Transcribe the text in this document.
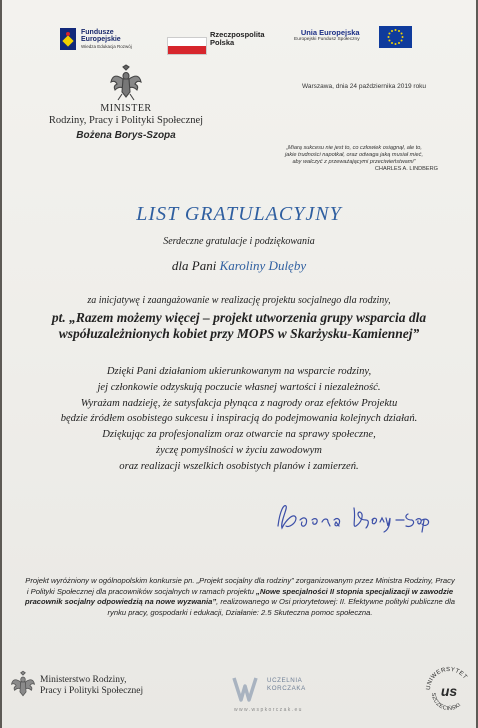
Fundusze
Europejskie
Wiedza Edukacja Rozwój
Rzeczpospolita
Polska
Unia Europejska
Europejski Fundusz Społeczny
MINISTER
Rodziny, Pracy i Polityki Społecznej
Bożena Borys-Szopa
Warszawa, dnia 24 października 2019 roku
„Miarą sukcesu nie jest to, co człowiek osiągnął, ale to,
jakie trudności napotkał, oraz odwaga jaką musiał mieć,
aby walczyć z przeważającymi przeciwieństwami”
CHARLES A. LINDBERG
LIST GRATULACYJNY
Serdeczne gratulacje i podziękowania
dla Pani Karoliny Dulęby
za inicjatywę i zaangażowanie w realizację projektu socjalnego dla rodziny,
pt. „Razem możemy więcej – projekt utworzenia grupy wsparcia dla
współuzależnionych kobiet przy MOPS w Skarżysku-Kamiennej”
Dzięki Pani działaniom ukierunkowanym na wsparcie rodziny,
jej członkowie odzyskują poczucie własnej wartości i niezależność.
Wyrażam nadzieję, że satysfakcja płynąca z nagrody oraz efektów Projektu
będzie źródłem osobistego sukcesu i inspiracją do podejmowania kolejnych działań.
Dziękując za profesjonalizm oraz otwarcie na sprawy społeczne,
życzę pomyślności w życiu zawodowym
oraz realizacji wszelkich osobistych planów i zamierzeń.
Projekt wyróżniony w ogólnopolskim konkursie pn. „Projekt socjalny dla rodziny” zorganizowanym przez Ministra Rodziny, Pracy
i Polityki Społecznej dla pracowników socjalnych w ramach projektu „Nowe specjalności II stopnia specjalizacji w zawodzie
pracownik socjalny odpowiedzią na nowe wyzwania”, realizowanego w Osi priorytetowej: II. Efektywne polityki publiczne dla
rynku pracy, gospodarki i edukacji, Działanie: 2.5 Skuteczna pomoc społeczna.
Ministerstwo Rodziny,
Pracy i Polityki Społecznej
UCZELNIA
KORCZAKA
www.wspkorczak.eu
UNIWERSYTET
SZCZECIŃSKI
us
